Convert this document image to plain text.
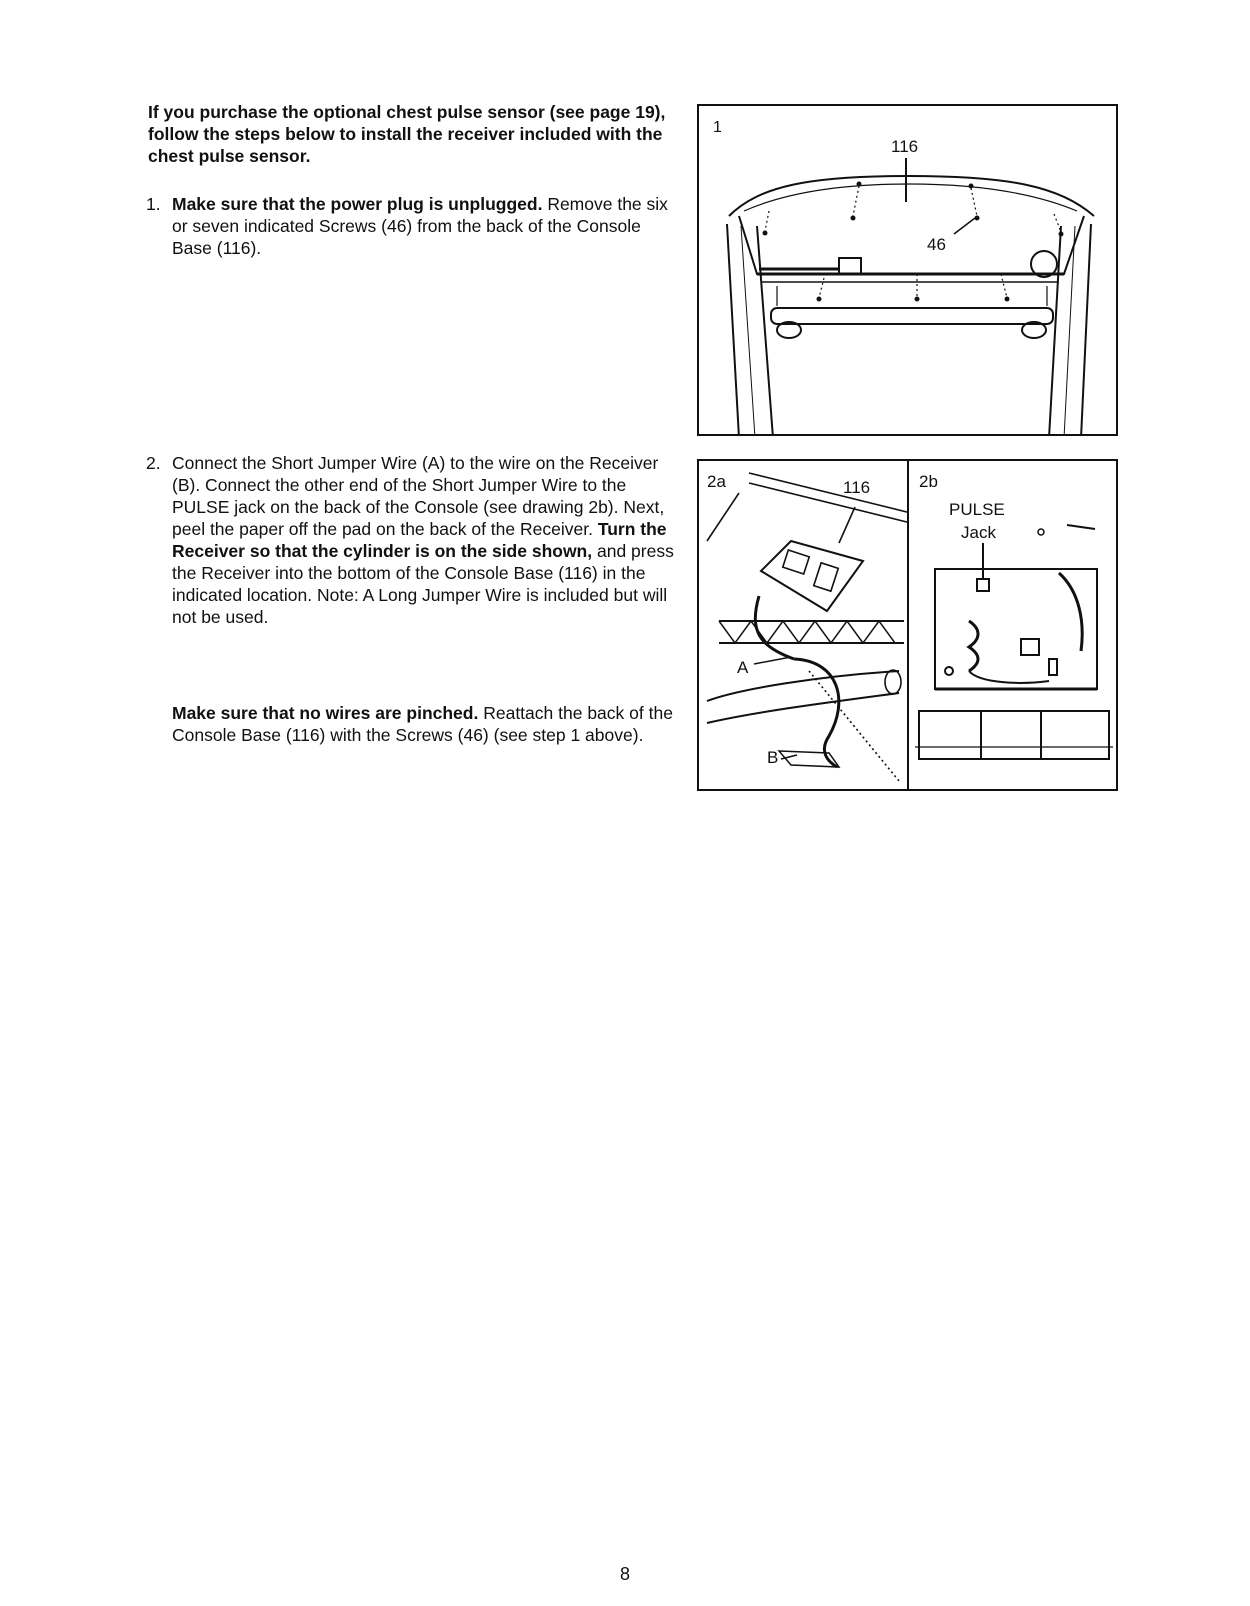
If you purchase the optional chest pulse sensor (see page 19), follow the steps below to install the receiver included with the chest pulse sensor.

1. Make sure that the power plug is unplugged. Remove the six or seven indicated Screws (46) from the back of the Console Base (116).
2. Connect the Short Jumper Wire (A) to the wire on the Receiver (B). Connect the other end of the Short Jumper Wire to the PULSE jack on the back of the Console (see drawing 2b). Next, peel the paper off the pad on the back of the Receiver. Turn the Receiver so that the cylinder is on the side shown, and press the Receiver into the bottom of the Console Base (116) in the indicated location. Note: A Long Jumper Wire is included but will not be used.
Make sure that no wires are pinched. Reattach the back of the Console Base (116) with the Screws (46) (see step 1 above).
1
116
46
2a	116
A
B
2b
PULSE
Jack
8
